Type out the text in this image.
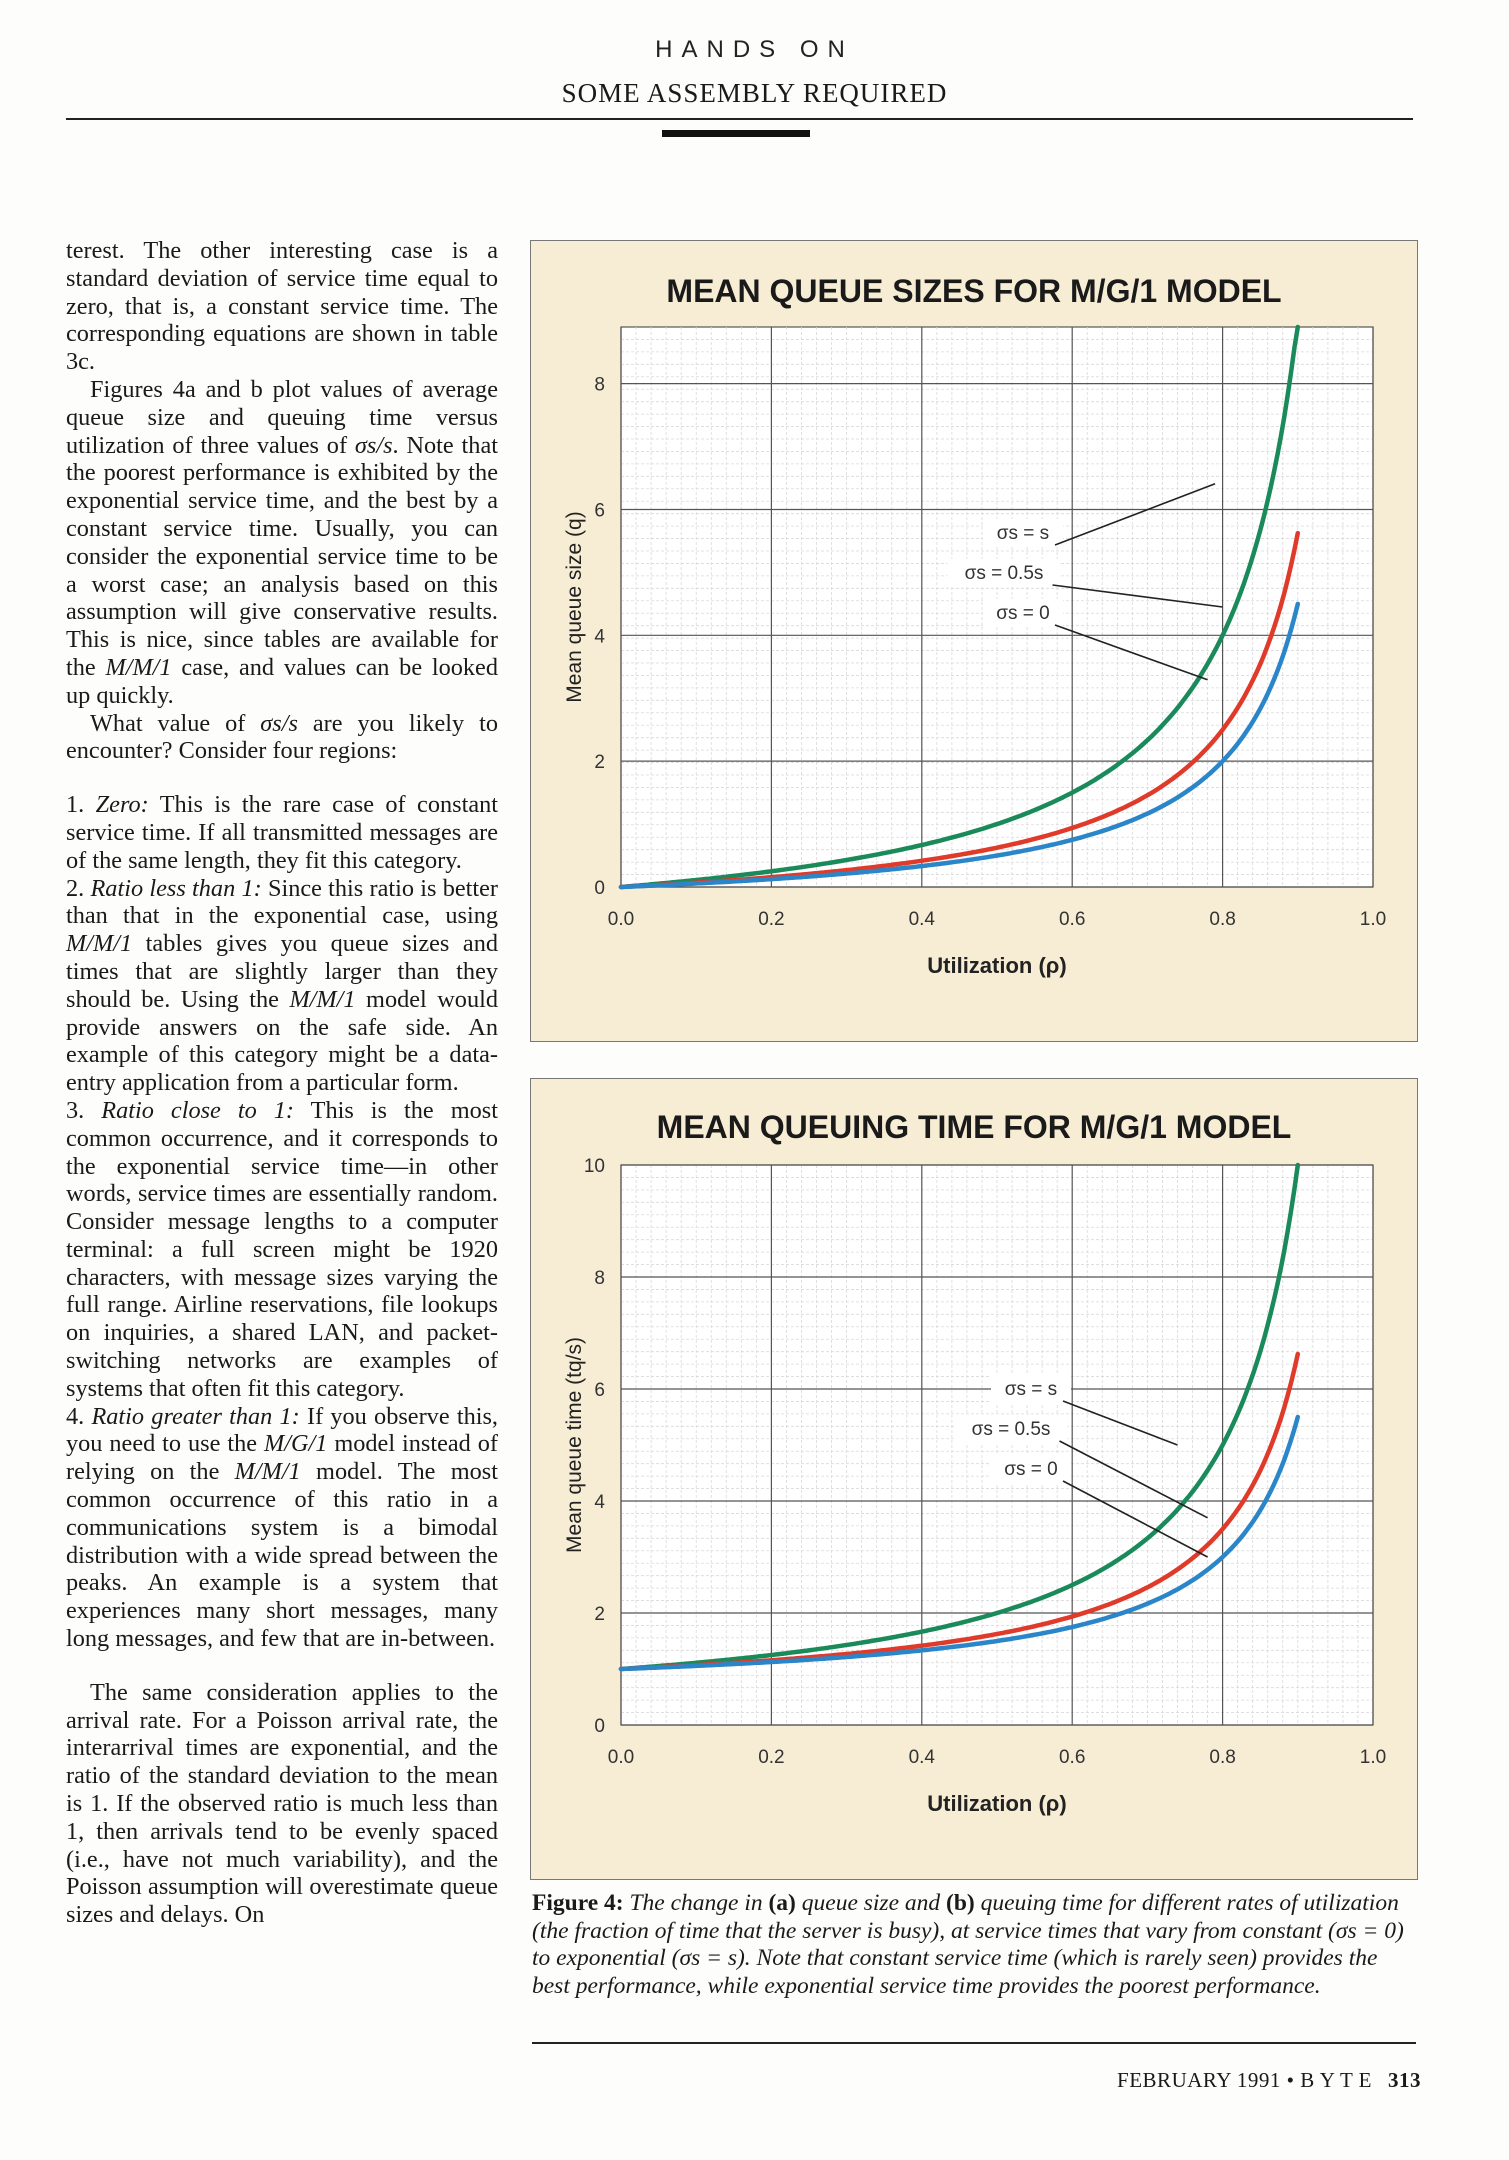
HANDS ON
SOME ASSEMBLY REQUIRED

terest. The other interesting case is a standard deviation of service time equal to zero, that is, a constant service time. The corresponding equations are shown in table 3c.

Figures 4a and b plot values of average queue size and queuing time versus utilization of three values of σs/s. Note that the poorest performance is exhibited by the exponential service time, and the best by a constant service time. Usually, you can consider the exponential service time to be a worst case; an analysis based on this assumption will give conservative results. This is nice, since tables are available for the M/M/1 case, and values can be looked up quickly.

What value of σs/s are you likely to encounter? Consider four regions:

1. Zero: This is the rare case of constant service time. If all transmitted messages are of the same length, they fit this category.

2. Ratio less than 1: Since this ratio is better than that in the exponential case, using M/M/1 tables gives you queue sizes and times that are slightly larger than they should be. Using the M/M/1 model would provide answers on the safe side. An example of this category might be a data-entry application from a particular form.

3. Ratio close to 1: This is the most common occurrence, and it corresponds to the exponential service time—in other words, service times are essentially random. Consider message lengths to a computer terminal: a full screen might be 1920 characters, with message sizes varying the full range. Airline reservations, file lookups on inquiries, a shared LAN, and packet-switching networks are examples of systems that often fit this category.

4. Ratio greater than 1: If you observe this, you need to use the M/G/1 model instead of relying on the M/M/1 model. The most common occurrence of this ratio in a communications system is a bimodal distribution with a wide spread between the peaks. An example is a system that experiences many short messages, many long messages, and few that are in-between.

The same consideration applies to the arrival rate. For a Poisson arrival rate, the interarrival times are exponential, and the ratio of the standard deviation to the mean is 1. If the observed ratio is much less than 1, then arrivals tend to be evenly spaced (i.e., have not much variability), and the Poisson assumption will overestimate queue sizes and delays. On

MEAN QUEUE SIZES FOR M/G/1 MODEL
0.0	0.2	0.4	0.6	0.8	1.0
0
2
4
6
8
Utilization (ρ)
Mean queue size (q)	σs = s
σs = 0.5s
σs = 0
MEAN QUEUING TIME FOR M/G/1 MODEL
0.0	0.2	0.4	0.6	0.8	1.0
0
2
4
6
8
10
Utilization (ρ)
Mean queue time (tq/s)	σs = s
σs = 0.5s
σs = 0
Figure 4: The change in (a) queue size and (b) queuing time for different rates of utilization (the fraction of time that the server is busy), at service times that vary from constant (σs = 0) to exponential (σs = s). Note that constant service time (which is rarely seen) provides the best performance, while exponential service time provides the poorest performance.
FEBRUARY 1991 • B Y T E 313
